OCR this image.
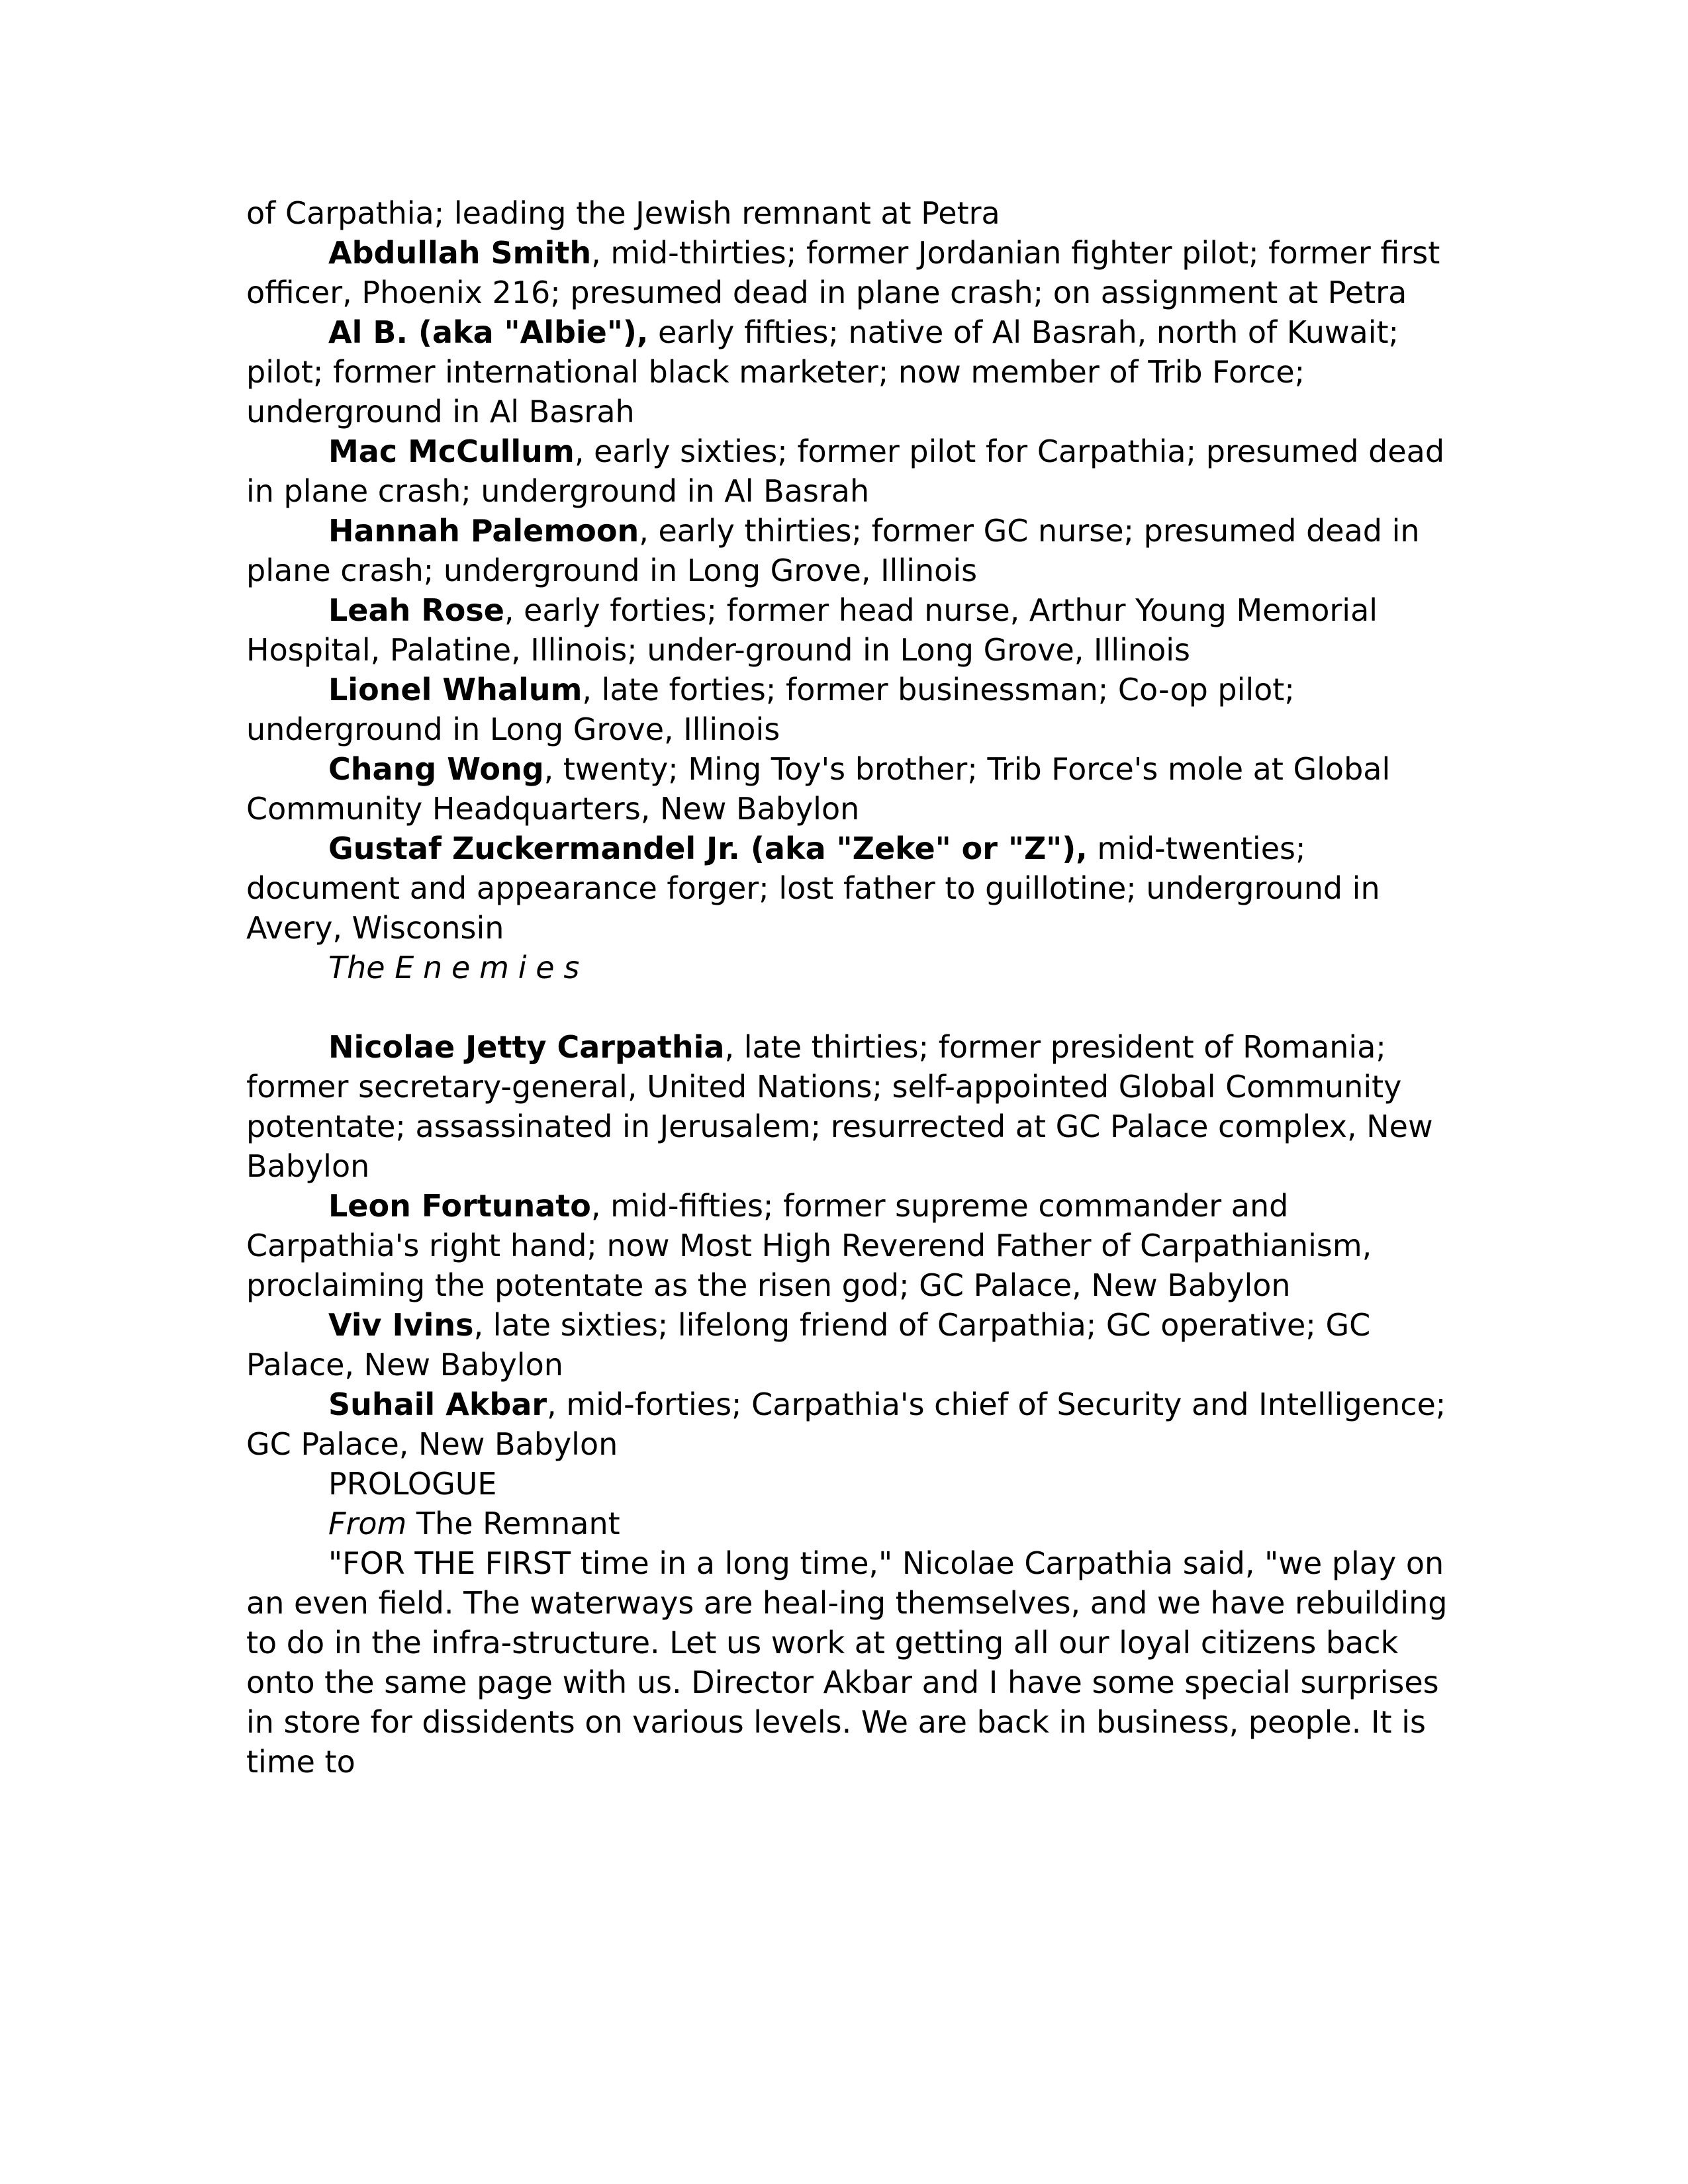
of Carpathia; leading the Jewish remnant at Petra

Abdullah Smith, mid-thirties; former Jordanian fighter pilot; former first officer, Phoenix 216; presumed dead in plane crash; on assignment at Petra

Al B. (aka "Albie"), early fifties; native of Al Basrah, north of Kuwait; pilot; former international black marketer; now member of Trib Force; underground in Al Basrah

Mac McCullum, early sixties; former pilot for Carpathia; presumed dead in plane crash; underground in Al Basrah

Hannah Palemoon, early thirties; former GC nurse; presumed dead in plane crash; underground in Long Grove, Illinois

Leah Rose, early forties; former head nurse, Arthur Young Memorial Hospital, Palatine, Illinois; under-ground in Long Grove, Illinois

Lionel Whalum, late forties; former businessman; Co-op pilot; underground in Long Grove, Illinois

Chang Wong, twenty; Ming Toy's brother; Trib Force's mole at Global Community Headquarters, New Babylon

Gustaf Zuckermandel Jr. (aka "Zeke" or "Z"), mid-twenties; document and appearance forger; lost father to guillotine; underground in Avery, Wisconsin

The Enemies

Nicolae Jetty Carpathia, late thirties; former president of Romania; former secretary-general, United Nations; self-appointed Global Community potentate; assassinated in Jerusalem; resurrected at GC Palace complex, New Babylon

Leon Fortunato, mid-fifties; former supreme commander and Carpathia's right hand; now Most High Reverend Father of Carpathianism, proclaiming the potentate as the risen god; GC Palace, New Babylon

Viv Ivins, late sixties; lifelong friend of Carpathia; GC operative; GC Palace, New Babylon

Suhail Akbar, mid-forties; Carpathia's chief of Security and Intelligence; GC Palace, New Babylon

PROLOGUE

From The Remnant

"FOR THE FIRST time in a long time," Nicolae Carpathia said, "we play on an even field. The waterways are heal-ing themselves, and we have rebuilding to do in the infra-structure. Let us work at getting all our loyal citizens back onto the same page with us. Director Akbar and I have some special surprises in store for dissidents on various levels. We are back in business, people. It is time to
